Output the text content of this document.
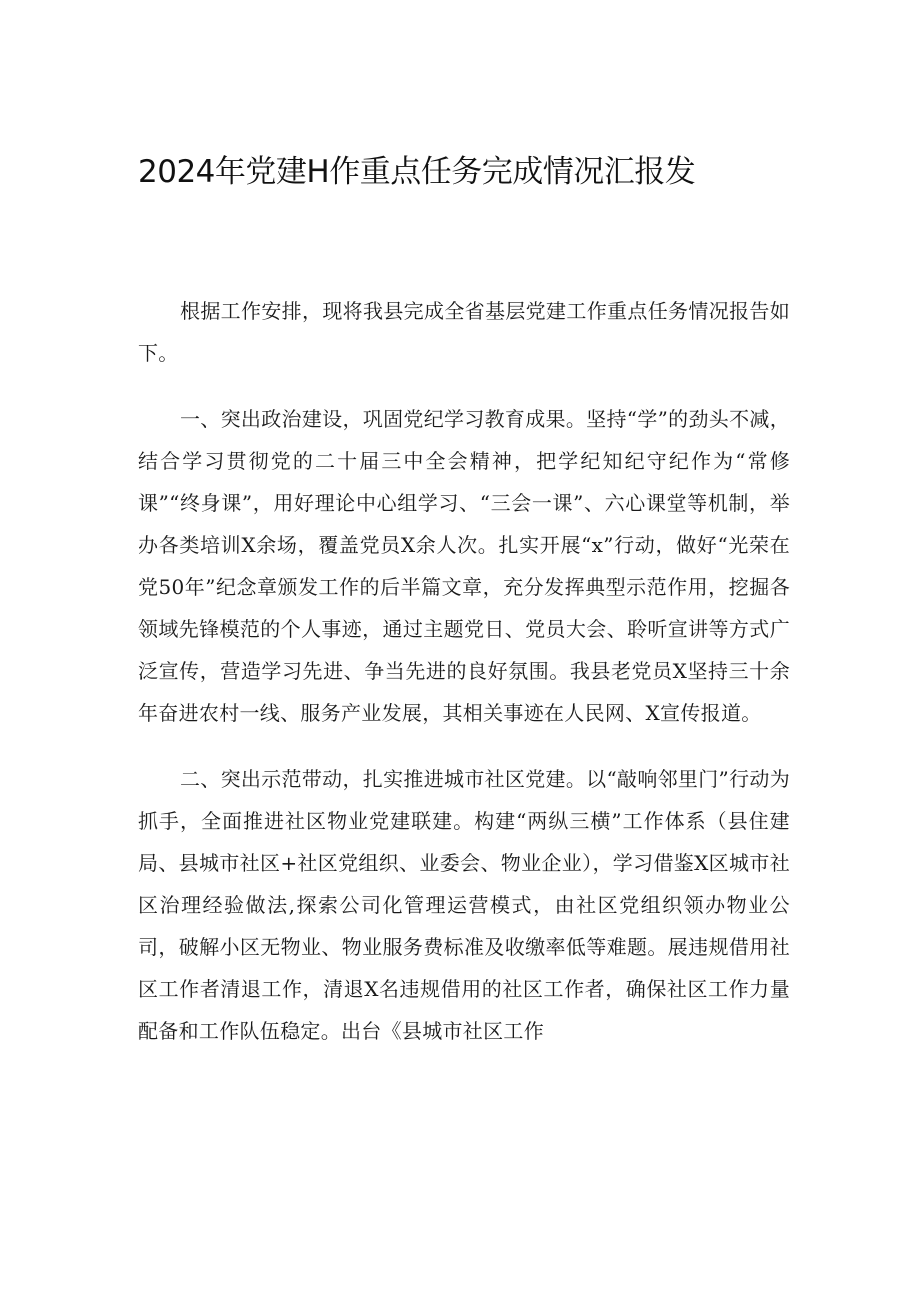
2024年党建H作重点任务完成情况汇报发

根据工作安排，现将我县完成全省基层党建工作重点任务情况报告如下。

一、突出政治建设，巩固党纪学习教育成果。坚持“学”的劲头不减，结合学习贯彻党的二十届三中全会精神，把学纪知纪守纪作为“常修课”“终身课”，用好理论中心组学习、“三会一课”、六心课堂等机制，举办各类培训X余场，覆盖党员X余人次。扎实开展“x”行动，做好“光荣在党50年”纪念章颁发工作的后半篇文章，充分发挥典型示范作用，挖掘各领域先锋模范的个人事迹，通过主题党日、党员大会、聆听宣讲等方式广泛宣传，营造学习先进、争当先进的良好氛围。我县老党员X坚持三十余年奋进农村一线、服务产业发展，其相关事迹在人民网、X宣传报道。

二、突出示范带动，扎实推进城市社区党建。以“敲响邻里门”行动为抓手，全面推进社区物业党建联建。构建“两纵三横”工作体系（县住建局、县城市社区+社区党组织、业委会、物业企业），学习借鉴X区城市社区治理经验做法,探索公司化管理运营模式，由社区党组织领办物业公司，破解小区无物业、物业服务费标准及收缴率低等难题。展违规借用社区工作者清退工作，清退X名违规借用的社区工作者，确保社区工作力量配备和工作队伍稳定。出台《县城市社区工作
